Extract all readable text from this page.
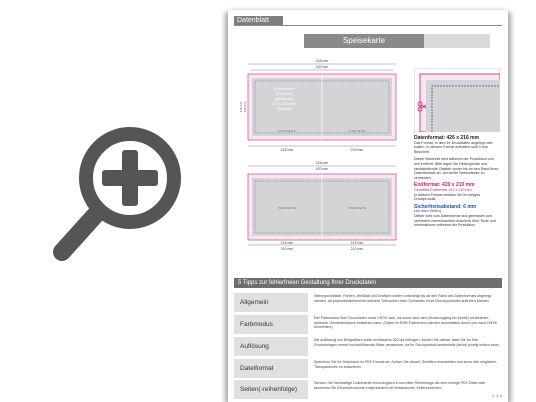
Datenblatt
Speisekarte
426 mm
420 mm
Speisekarte
(4-Seiter)
gefalzt auf
210 x 210 mm
Quadrat
RÜCKSEITE	TITELSEITE
216 mm 210 mm
215 mm	215 mm
426 mm
420 mm
INNENSEITE	INNENSEITE
215 mm	215 mm
210 mm	210 mm
Datenformat: 426 x 216 mm
Das Format, in dem Ihr Druckdaten angelegt sein sollten. In diesem Format enthalten sind 3 mm Beschnitt.
Dieser Beschnitt wird während der Produktion von uns entfernt. Bitte legen Sie Hintergründe und randabfallende Objekte immer bis an den Rand Ihres Datenformats an, um weiße Seitenränder zu vermeiden.
Endformat: 420 x 210 mm
Gefalztes Endformat: 210 x 210 mm
In diesem Format erhalten Sie Ihr fertiges Druckprodukt.
Sicherheitsabstand: 6 mm
(auf allen Seiten)
Dieser wird vom Datenformat aus gemessen und verhindert unerwünschten Anschnitt Ihrer Texte und Informationen während der Produktion.
5 Tipps zur fehlerfreien Gestaltung Ihrer Druckdaten
Allgemein
Hintergrundbilder, Farben, Weißität und Grafiken sollten unbedingt bis an den Rand des Datenformats angelegt werden, da produktionstechnisch kleinere Toleranzen beim Schneiden Ihres Druckproduktes auftreten können.
Farbmodus
Der Farbmodus Ihrer Druckdaten muss CMYK sein, da sonst nach dem Druckvorgang ein (leicht) veränderter, optischer Gesamteindruck entstehen kann. (Daten im RGB-Farbmodus werden automatisch durch uns nach CMYK konvertiert.)
Auflösung
Die Auflösung von Bildgrafiken sollte mindestens 300 dpi betragen. Achten Sie darauf, dass Sie für Ihre Druckvorlagen immer hochauflösende Bilder verwenden, da Ihr Druckprodukt andernfalls (leicht) pixelig wirken kann.
Dateiformat
Speichern Sie Ihr Dokument im PDF-Format ab. Achten Sie darauf, Schriften einzubetten und zuvor alle möglichen Transparenzen zu reduzieren.
Seiten(-reihenfolge)
Senden Sie mehrseitige Dokumente chronologisch in korrekter Reihenfolge als eine einzige PDF-Datei oder benennen Sie Einzeldokumente entsprechend mit fortlaufenden Seitennummern.
V. 1.0
